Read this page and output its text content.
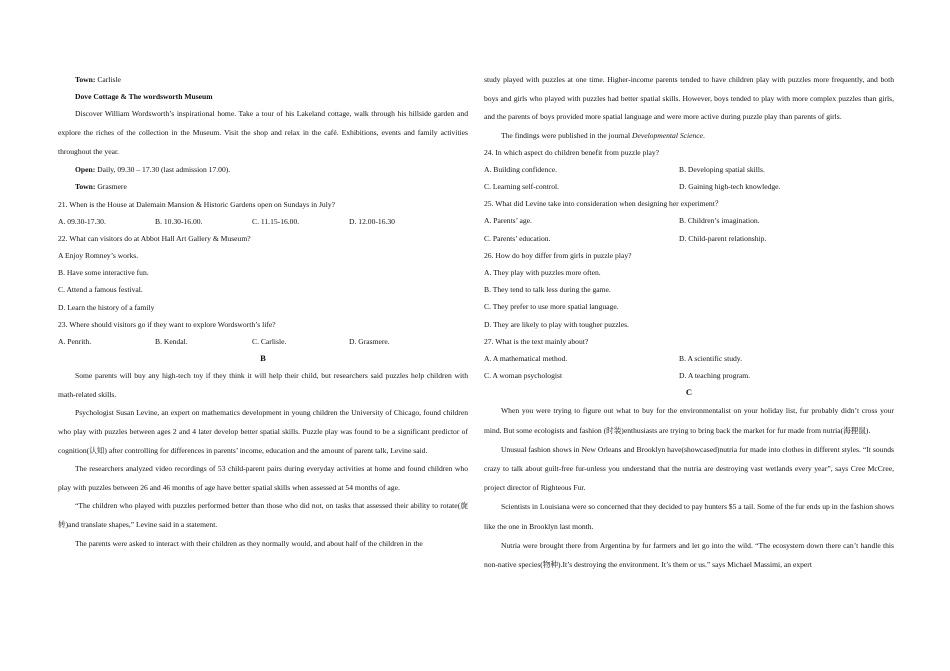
Town: Carlisle
Dove Cottage & The wordsworth Museum
Discover William Wordsworth’s inspirational home. Take a tour of his Lakeland cottage, walk through his hillside garden and explore the riches of the collection in the Museum. Visit the shop and relax in the café. Exhibitions, events and family activities throughout the year.
Open: Daily, 09.30 – 17.30 (last admission 17.00).
Town: Grasmere
21. When is the House at Dalemain Mansion & Historic Gardens open on Sundays in July?
A. 09.30-17.30.	B. 10.30-16.00.	C. 11.15-16.00.	D. 12.00-16.30
22. What can visitors do at Abbot Hall Art Gallery & Museum?
A Enjoy Romney’s works.
B. Have some interactive fun.
C. Attend a famous festival.
D. Learn the history of a family
23. Where should visitors go if they want to explore Wordsworth’s life?
A. Penrith.	B. Kendal.	C. Carlisle.	D. Grasmere.
B
Some parents will buy any high-tech toy if they think it will help their child, but researchers said puzzles help children with math-related skills.
Psychologist Susan Levine, an expert on mathematics development in young children the University of Chicago, found children who play with puzzles between ages 2 and 4 later develop better spatial skills. Puzzle play was found to be a significant predictor of cognition(认知) after controlling for differences in parents’ income, education and the amount of parent talk, Levine said.
The researchers analyzed video recordings of 53 child-parent pairs during everyday activities at home and found children who play with puzzles between 26 and 46 months of age have better spatial skills when assessed at 54 months of age.
“The children who played with puzzles performed better than those who did not, on tasks that assessed their ability to rotate(旋转)and translate shapes,” Levine said in a statement.
The parents were asked to interact with their children as they normally would, and about half of the children in the
study played with puzzles at one time. Higher-income parents tended to have children play with puzzles more frequently, and both boys and girls who played with puzzles had better spatial skills. However, boys tended to play with more complex puzzles than girls, and the parents of boys provided more spatial language and were more active during puzzle play than parents of girls.
The findings were published in the journal Developmental Science.
24. In which aspect do children benefit from puzzle play?
A. Building confidence.	B. Developing spatial skills.
C. Learning self-control.	D. Gaining high-tech knowledge.
25. What did Levine take into consideration when designing her experiment？
A. Parents’ age.	B. Children’s imagination.
C. Parents’ education.	D. Child-parent relationship.
26. How do boy differ from girls in puzzle play?
A. They play with puzzles more often.
B. They tend to talk less during the game.
C. They prefer to use more spatial language.
D. They are likely to play with tougher puzzles.
27. What is the text mainly about?
A. A mathematical method.	B. A scientific study.
C. A woman psychologist	D. A teaching program.
C
When you were trying to figure out what to buy for the environmentalist on your holiday list, fur probably didn’t cross your mind. But some ecologists and fashion (时装)enthusiasts are trying to bring back the market for fur made from nutria(海狸鼠).
Unusual fashion shows in New Orleans and Brooklyn have(showcased)nutria fur made into clothes in different styles. “It sounds crazy to talk about guilt-free fur-unless you understand that the nutria are destroying vast wetlands every year”, says Cree McCree, project director of Righteous Fur.
Scientists in Louisiana were so concerned that they decided to pay hunters $5 a tail. Some of the fur ends up in the fashion shows like the one in Brooklyn last month.
Nutria were brought there from Argentina by fur farmers and let go into the wild. “The ecosystem down there can’t handle this non-native species(物种).It’s destroying the environment. It’s them or us.” says Michael Massimi, an expert
